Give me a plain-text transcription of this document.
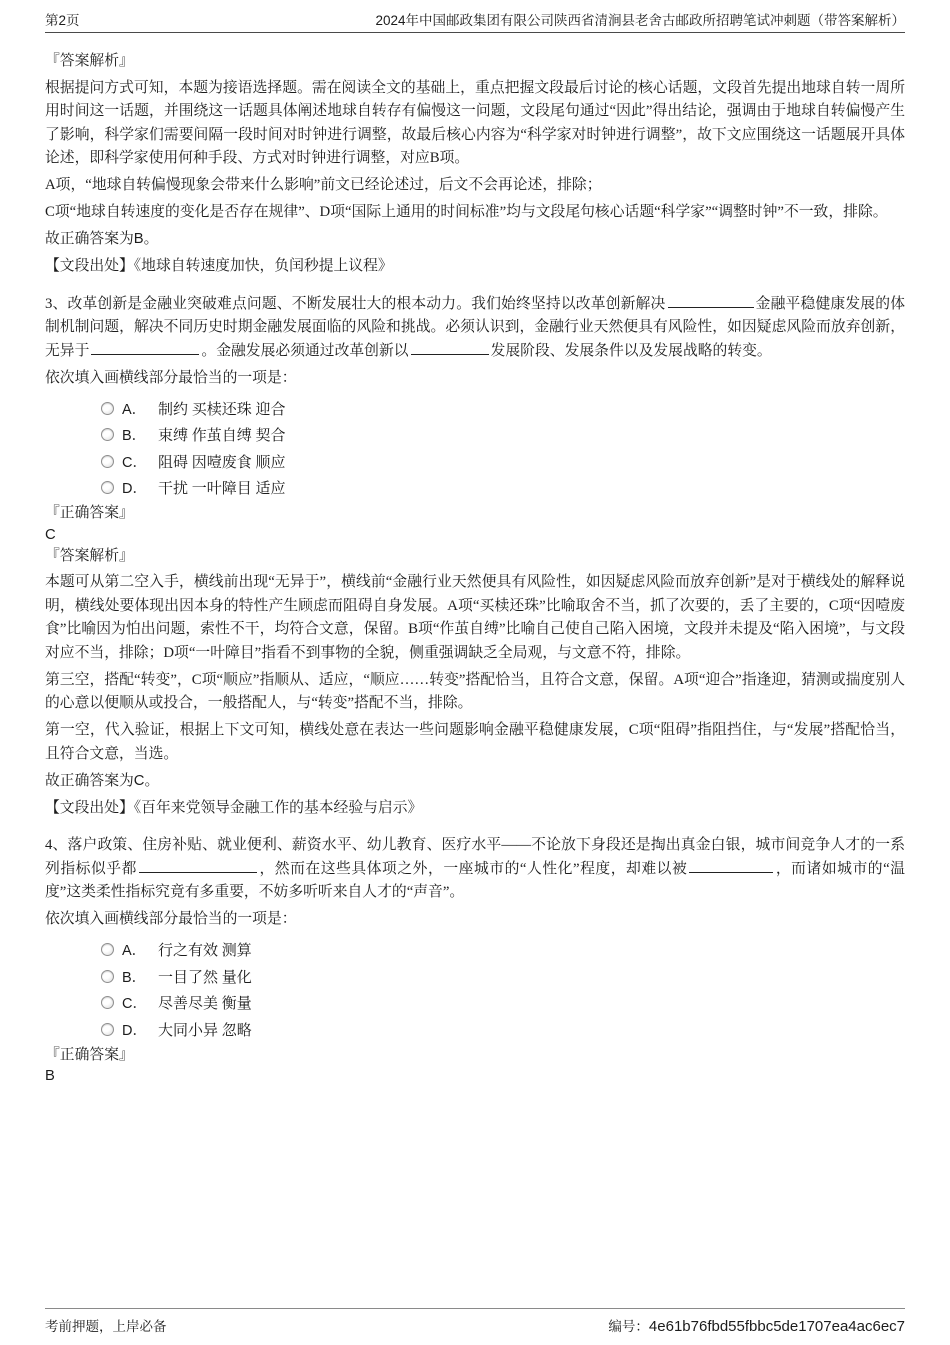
第2页	2024年中国邮政集团有限公司陕西省清涧县老舍古邮政所招聘笔试冲刺题（带答案解析）

『答案解析』

根据提问方式可知，本题为接语选择题。需在阅读全文的基础上，重点把握文段最后讨论的核心话题，文段首先提出地球自转一周所用时间这一话题，并围绕这一话题具体阐述地球自转存有偏慢这一问题，文段尾句通过“因此”得出结论，强调由于地球自转偏慢产生了影响，科学家们需要间隔一段时间对时钟进行调整，故最后核心内容为“科学家对时钟进行调整”，故下文应围绕这一话题展开具体论述，即科学家使用何种手段、方式对时钟进行调整，对应B项。

A项，“地球自转偏慢现象会带来什么影响”前文已经论述过，后文不会再论述，排除；

C项“地球自转速度的变化是否存在规律”、D项“国际上通用的时间标准”均与文段尾句核心话题“科学家”“调整时钟”不一致，排除。

故正确答案为B。

【文段出处】《地球自转速度加快，负闰秒提上议程》

3、改革创新是金融业突破难点问题、不断发展壮大的根本动力。我们始终坚持以改革创新解决	金融平稳健康发展的体制机制问题，解决不同历史时期金融发展面临的风险和挑战。必须认识到，金融行业天然便具有风险性，如因疑虑风险而放弃创新，无异于	。金融发展必须通过改革创新以	发展阶段、发展条件以及发展战略的转变。

依次填入画横线部分最恰当的一项是：

A． 制约 买椟还珠 迎合
B． 束缚 作茧自缚 契合
C． 阻碍 因噎废食 顺应
D． 干扰 一叶障目 适应

『正确答案』

C

『答案解析』

本题可从第二空入手，横线前出现“无异于”，横线前“金融行业天然便具有风险性，如因疑虑风险而放弃创新”是对于横线处的解释说明，横线处要体现出因本身的特性产生顾虑而阻碍自身发展。A项“买椟还珠”比喻取舍不当，抓了次要的，丢了主要的，C项“因噎废食”比喻因为怕出问题，索性不干，均符合文意，保留。B项“作茧自缚”比喻自己使自己陷入困境，文段并未提及“陷入困境”，与文段对应不当，排除；D项“一叶障目”指看不到事物的全貌，侧重强调缺乏全局观，与文意不符，排除。

第三空，搭配“转变”，C项“顺应”指顺从、适应，“顺应……转变”搭配恰当，且符合文意，保留。A项“迎合”指逢迎，猜测或揣度别人的心意以便顺从或投合，一般搭配人，与“转变”搭配不当，排除。

第一空，代入验证，根据上下文可知，横线处意在表达一些问题影响金融平稳健康发展，C项“阻碍”指阻挡住，与“发展”搭配恰当，且符合文意，当选。

故正确答案为C。

【文段出处】《百年来党领导金融工作的基本经验与启示》

4、落户政策、住房补贴、就业便利、薪资水平、幼儿教育、医疗水平——不论放下身段还是掏出真金白银，城市间竞争人才的一系列指标似乎都	，然而在这些具体项之外，一座城市的“人性化”程度，却难以被	，而诸如城市的“温度”这类柔性指标究竟有多重要，不妨多听听来自人才的“声音”。

依次填入画横线部分最恰当的一项是：

A． 行之有效 测算
B． 一目了然 量化
C． 尽善尽美 衡量
D． 大同小异 忽略

『正确答案』

B

考前押题，上岸必备	编号：4e61b76fbd55fbbc5de1707ea4ac6ec7
